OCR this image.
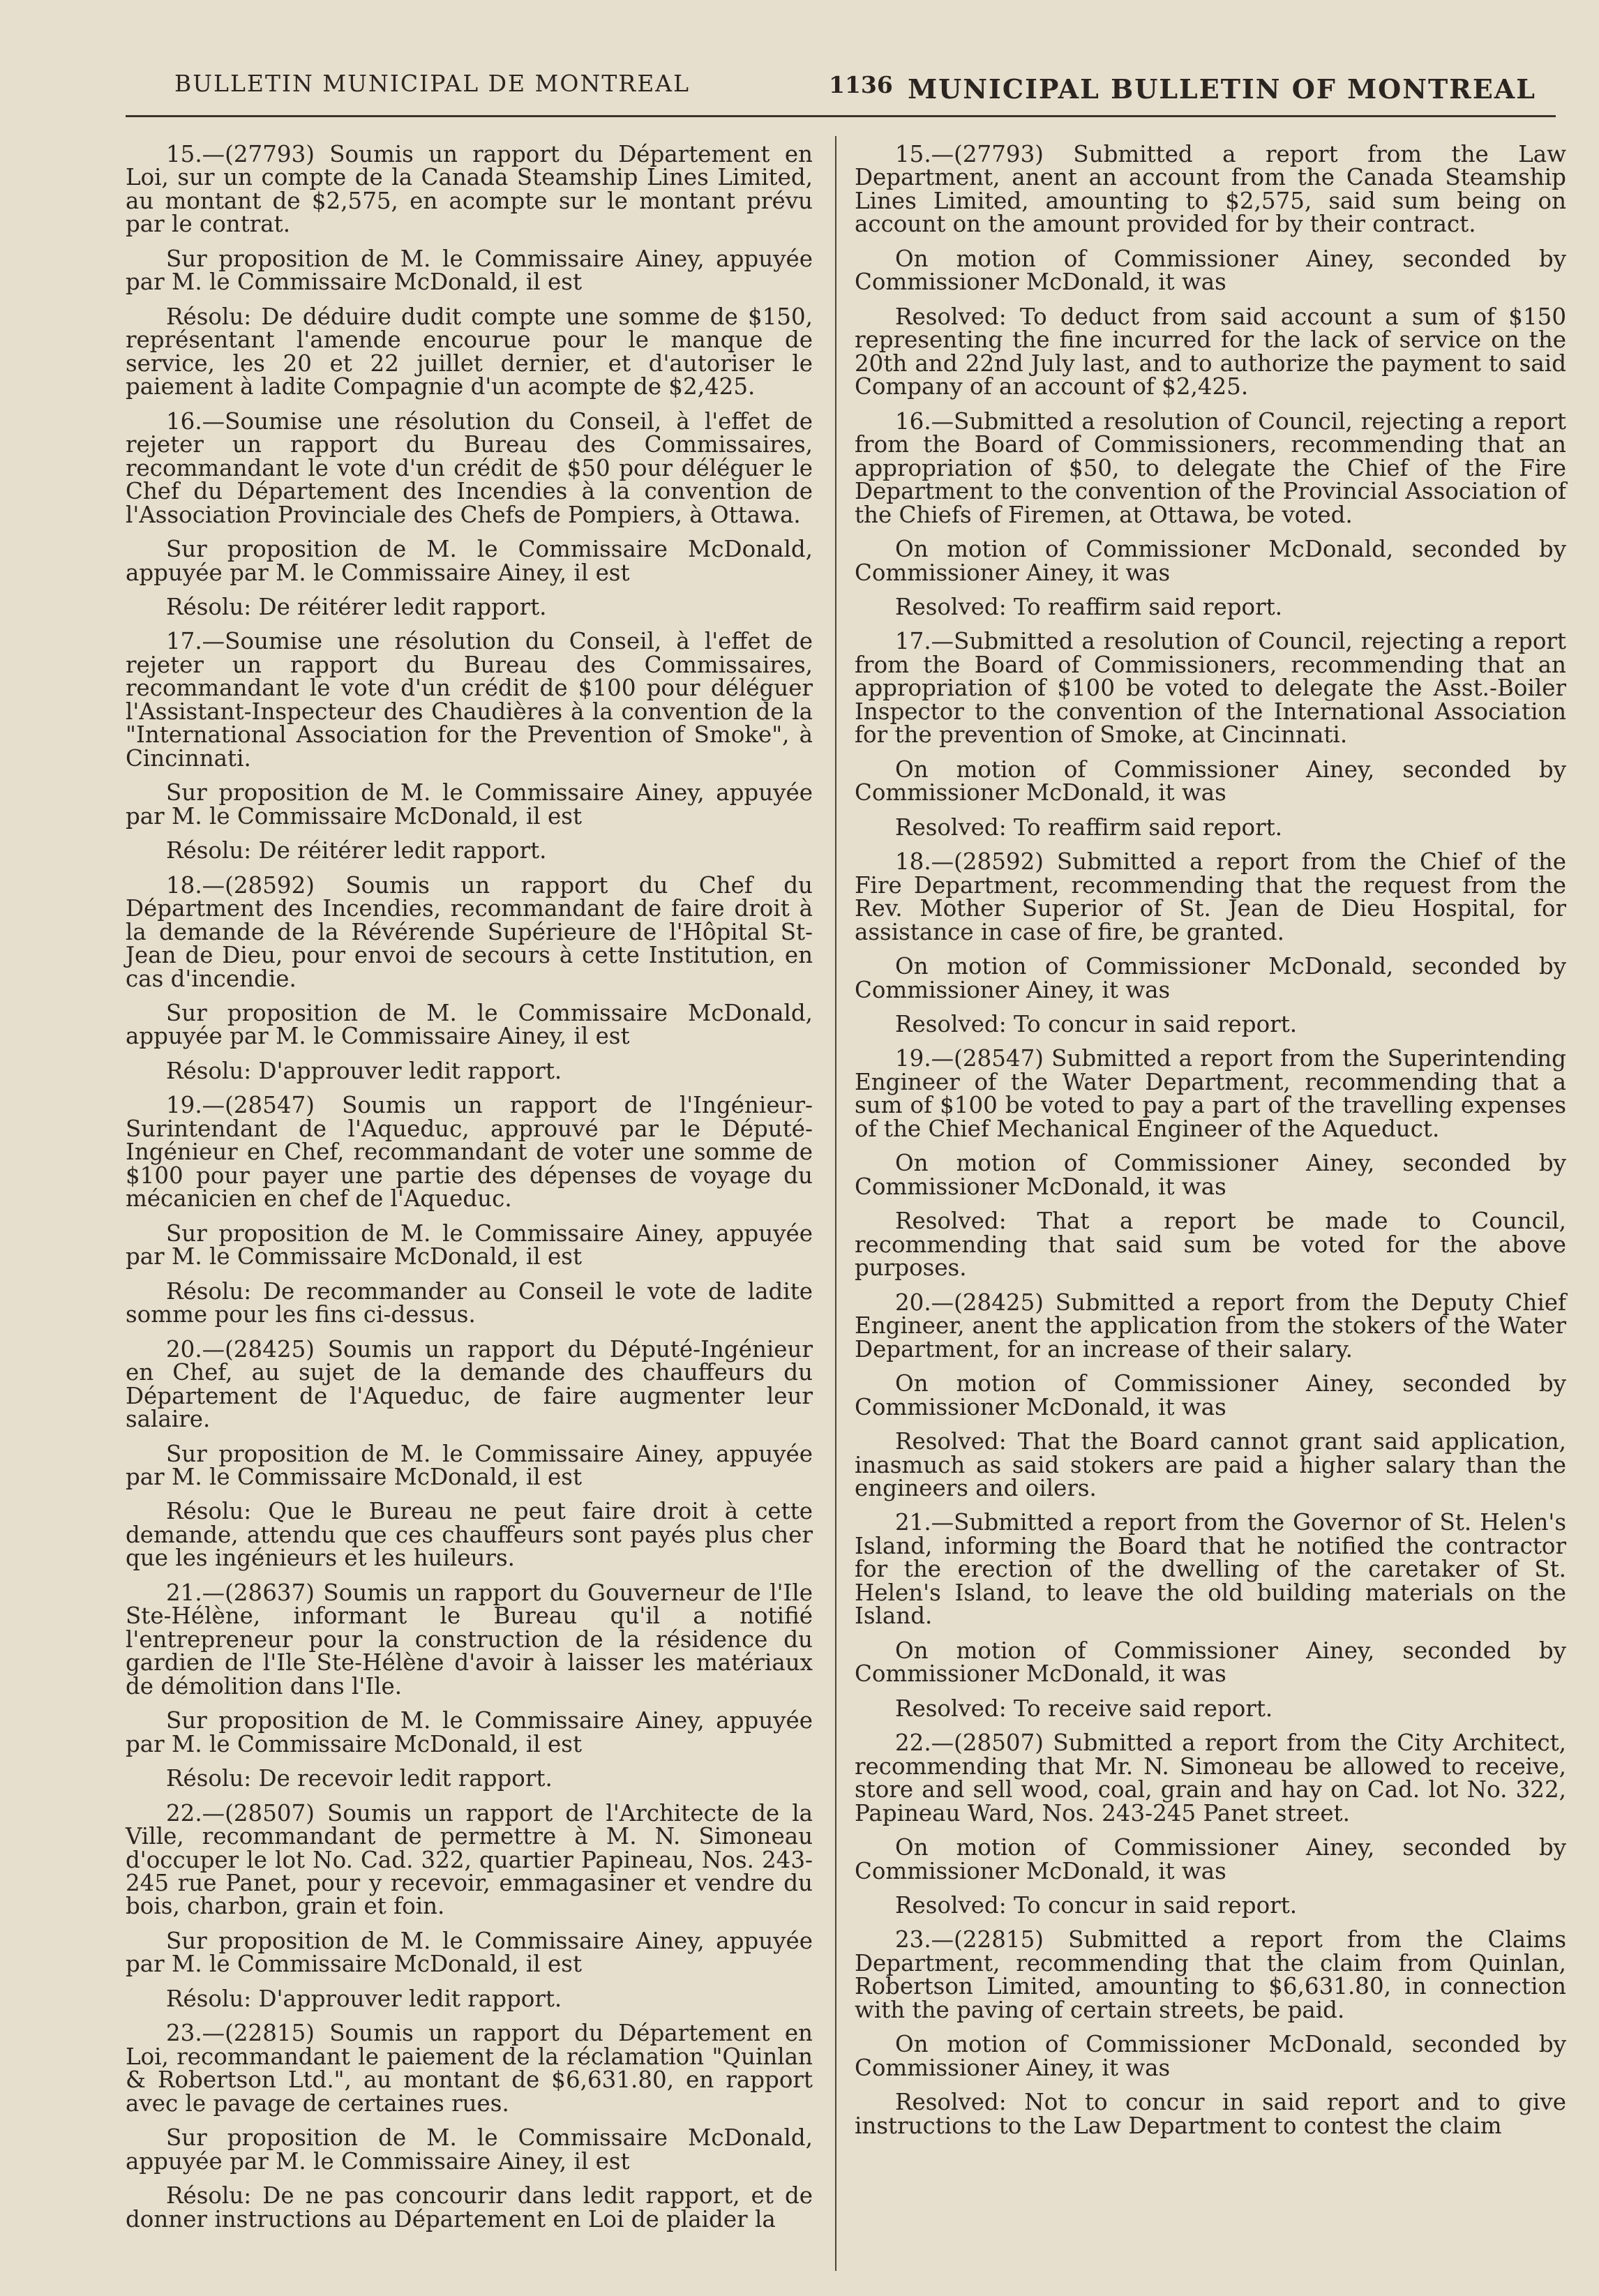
BULLETIN MUNICIPAL DE MONTREAL	1136 MUNICIPAL BULLETIN OF MONTREAL

15.—(27793) Soumis un rapport du Département en Loi, sur un compte de la Canada Steamship Lines Limited, au montant de $2,575, en acompte sur le montant prévu par le contrat.

Sur proposition de M. le Commissaire Ainey, appuyée par M. le Commissaire McDonald, il est

Résolu: De déduire dudit compte une somme de $150, représentant l'amende encourue pour le manque de service, les 20 et 22 juillet dernier, et d'autoriser le paiement à ladite Compagnie d'un acompte de $2,425.

16.—Soumise une résolution du Conseil, à l'effet de rejeter un rapport du Bureau des Commissaires, recommandant le vote d'un crédit de $50 pour déléguer le Chef du Département des Incendies à la convention de l'Association Provinciale des Chefs de Pompiers, à Ottawa.

Sur proposition de M. le Commissaire McDonald, appuyée par M. le Commissaire Ainey, il est

Résolu: De réitérer ledit rapport.

17.—Soumise une résolution du Conseil, à l'effet de rejeter un rapport du Bureau des Commissaires, recommandant le vote d'un crédit de $100 pour déléguer l'Assistant-Inspecteur des Chaudières à la convention de la "International Association for the Prevention of Smoke", à Cincinnati.

Sur proposition de M. le Commissaire Ainey, appuyée par M. le Commissaire McDonald, il est

Résolu: De réitérer ledit rapport.

18.—(28592) Soumis un rapport du Chef du Départment des Incendies, recommandant de faire droit à la demande de la Révérende Supérieure de l'Hôpital St-Jean de Dieu, pour envoi de secours à cette Institution, en cas d'incendie.

Sur proposition de M. le Commissaire McDonald, appuyée par M. le Commissaire Ainey, il est

Résolu: D'approuver ledit rapport.

19.—(28547) Soumis un rapport de l'Ingénieur-Surintendant de l'Aqueduc, approuvé par le Député-Ingénieur en Chef, recommandant de voter une somme de $100 pour payer une partie des dépenses de voyage du mécanicien en chef de l'Aqueduc.

Sur proposition de M. le Commissaire Ainey, appuyée par M. le Commissaire McDonald, il est

Résolu: De recommander au Conseil le vote de ladite somme pour les fins ci-dessus.

20.—(28425) Soumis un rapport du Député-Ingénieur en Chef, au sujet de la demande des chauffeurs du Département de l'Aqueduc, de faire augmenter leur salaire.

Sur proposition de M. le Commissaire Ainey, appuyée par M. le Commissaire McDonald, il est

Résolu: Que le Bureau ne peut faire droit à cette demande, attendu que ces chauffeurs sont payés plus cher que les ingénieurs et les huileurs.

21.—(28637) Soumis un rapport du Gouverneur de l'Ile Ste-Hélène, informant le Bureau qu'il a notifié l'entrepreneur pour la construction de la résidence du gardien de l'Ile Ste-Hélène d'avoir à laisser les matériaux de démolition dans l'Ile.

Sur proposition de M. le Commissaire Ainey, appuyée par M. le Commissaire McDonald, il est

Résolu: De recevoir ledit rapport.

22.—(28507) Soumis un rapport de l'Architecte de la Ville, recommandant de permettre à M. N. Simoneau d'occuper le lot No. Cad. 322, quartier Papineau, Nos. 243-245 rue Panet, pour y recevoir, emmagasiner et vendre du bois, charbon, grain et foin.

Sur proposition de M. le Commissaire Ainey, appuyée par M. le Commissaire McDonald, il est

Résolu: D'approuver ledit rapport.

23.—(22815) Soumis un rapport du Département en Loi, recommandant le paiement de la réclamation "Quinlan & Robertson Ltd.", au montant de $6,631.80, en rapport avec le pavage de certaines rues.

Sur proposition de M. le Commissaire McDonald, appuyée par M. le Commissaire Ainey, il est

Résolu: De ne pas concourir dans ledit rapport, et de donner instructions au Département en Loi de plaider la

15.—(27793) Submitted a report from the Law Department, anent an account from the Canada Steamship Lines Limited, amounting to $2,575, said sum being on account on the amount provided for by their contract.

On motion of Commissioner Ainey, seconded by Commissioner McDonald, it was

Resolved: To deduct from said account a sum of $150 representing the fine incurred for the lack of service on the 20th and 22nd July last, and to authorize the payment to said Company of an account of $2,425.

16.—Submitted a resolution of Council, rejecting a report from the Board of Commissioners, recommending that an appropriation of $50, to delegate the Chief of the Fire Department to the convention of the Provincial Association of the Chiefs of Firemen, at Ottawa, be voted.

On motion of Commissioner McDonald, seconded by Commissioner Ainey, it was

Resolved: To reaffirm said report.

17.—Submitted a resolution of Council, rejecting a report from the Board of Commissioners, recommending that an appropriation of $100 be voted to delegate the Asst.-Boiler Inspector to the convention of the International Association for the prevention of Smoke, at Cincinnati.

On motion of Commissioner Ainey, seconded by Commissioner McDonald, it was

Resolved: To reaffirm said report.

18.—(28592) Submitted a report from the Chief of the Fire Department, recommending that the request from the Rev. Mother Superior of St. Jean de Dieu Hospital, for assistance in case of fire, be granted.

On motion of Commissioner McDonald, seconded by Commissioner Ainey, it was

Resolved: To concur in said report.

19.—(28547) Submitted a report from the Superintending Engineer of the Water Department, recommending that a sum of $100 be voted to pay a part of the travelling expenses of the Chief Mechanical Engineer of the Aqueduct.

On motion of Commissioner Ainey, seconded by Commissioner McDonald, it was

Resolved: That a report be made to Council, recommending that said sum be voted for the above purposes.

20.—(28425) Submitted a report from the Deputy Chief Engineer, anent the application from the stokers of the Water Department, for an increase of their salary.

On motion of Commissioner Ainey, seconded by Commissioner McDonald, it was

Resolved: That the Board cannot grant said application, inasmuch as said stokers are paid a higher salary than the engineers and oilers.

21.—Submitted a report from the Governor of St. Helen's Island, informing the Board that he notified the contractor for the erection of the dwelling of the caretaker of St. Helen's Island, to leave the old building materials on the Island.

On motion of Commissioner Ainey, seconded by Commissioner McDonald, it was

Resolved: To receive said report.

22.—(28507) Submitted a report from the City Architect, recommending that Mr. N. Simoneau be allowed to receive, store and sell wood, coal, grain and hay on Cad. lot No. 322, Papineau Ward, Nos. 243-245 Panet street.

On motion of Commissioner Ainey, seconded by Commissioner McDonald, it was

Resolved: To concur in said report.

23.—(22815) Submitted a report from the Claims Department, recommending that the claim from Quinlan, Robertson Limited, amounting to $6,631.80, in connection with the paving of certain streets, be paid.

On motion of Commissioner McDonald, seconded by Commissioner Ainey, it was

Resolved: Not to concur in said report and to give instructions to the Law Department to contest the claim
